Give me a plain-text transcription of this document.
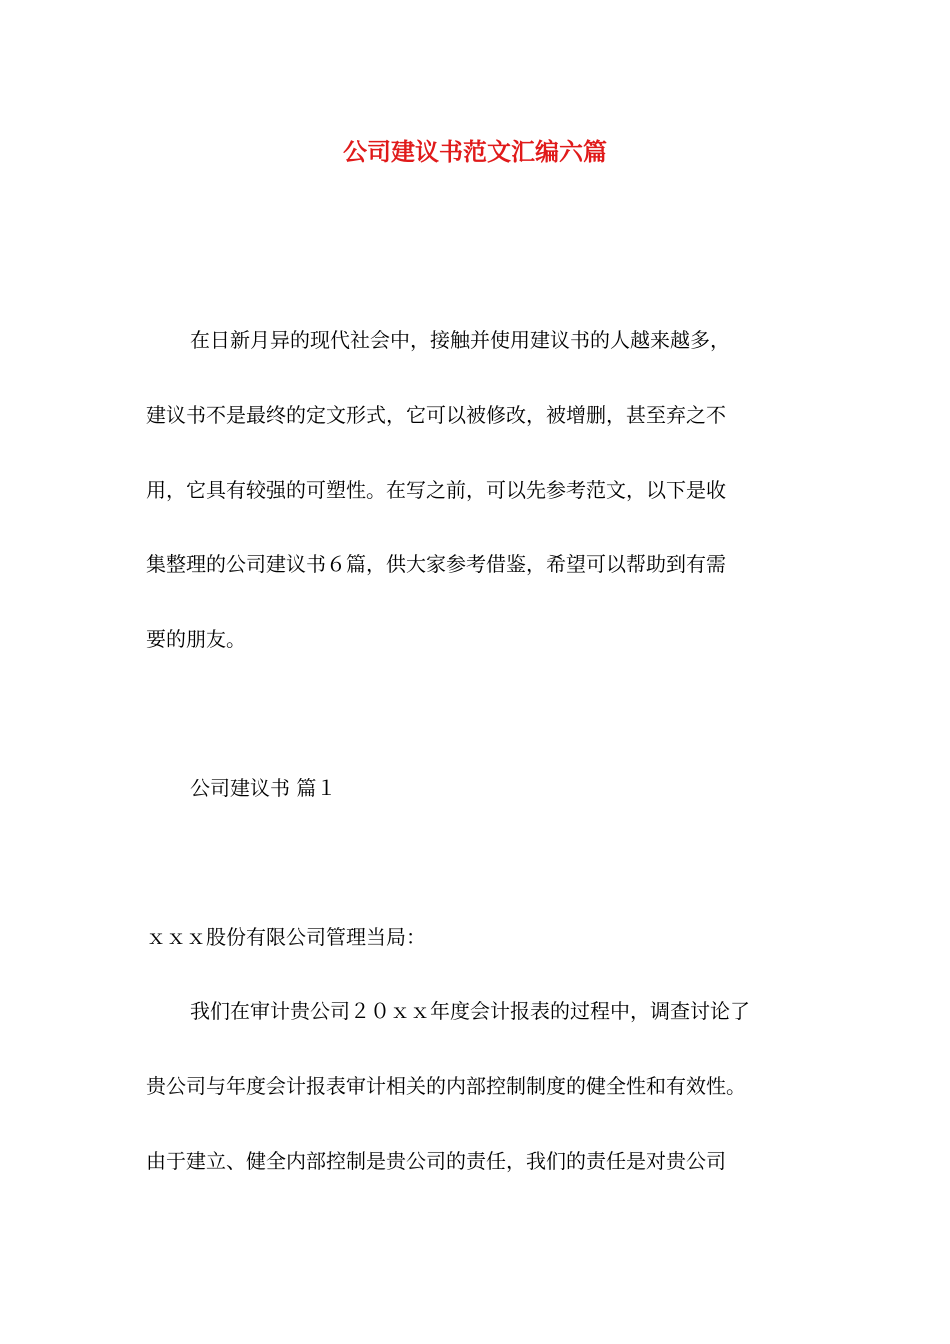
公司建议书范文汇编六篇

在日新月异的现代社会中，接触并使用建议书的人越来越多，

建议书不是最终的定文形式，它可以被修改，被增删，甚至弃之不

用，它具有较强的可塑性。在写之前，可以先参考范文，以下是收

集整理的公司建议书６篇，供大家参考借鉴，希望可以帮助到有需

要的朋友。

公司建议书 篇１

ｘｘｘ股份有限公司管理当局：

我们在审计贵公司２０ｘｘ年度会计报表的过程中，调查讨论了

贵公司与年度会计报表审计相关的内部控制制度的健全性和有效性。

由于建立、健全内部控制是贵公司的责任，我们的责任是对贵公司
